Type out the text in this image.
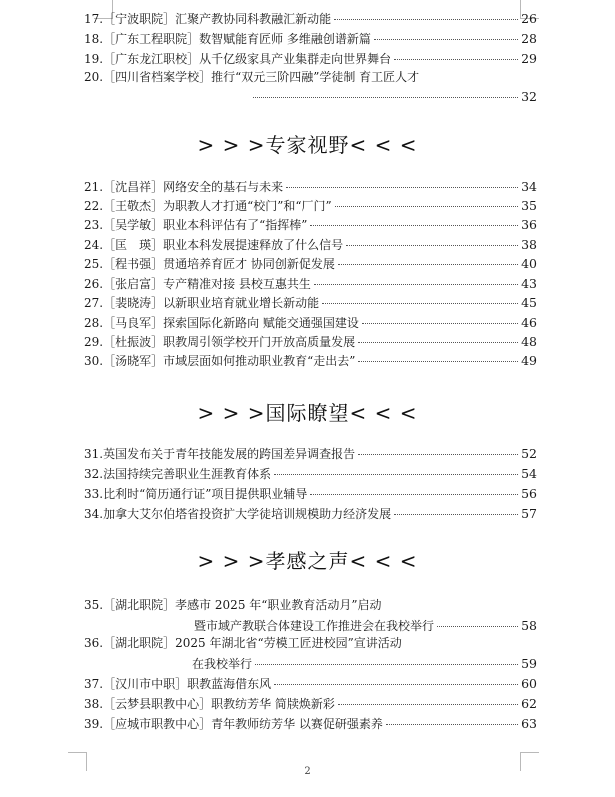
17. ［宁波职院］汇聚产教协同科教融汇新动能	26
18. ［广东工程职院］数智赋能育匠师 多维融创谱新篇	28
19. ［广东龙江职校］从千亿级家具产业集群走向世界舞台	29
20. ［四川省档案学校］推行“双元三阶四融”学徒制 育工匠人才
32
> > >专家视野< < <
21. ［沈昌祥］网络安全的基石与未来	34
22. ［王敬杰］为职教人才打通“校门”和“厂门”	35
23. ［吴学敏］职业本科评估有了“指挥棒”	36
24. ［匡　瑛］职业本科发展提速释放了什么信号	38
25. ［程书强］贯通培养育匠才 协同创新促发展	40
26. ［张启富］专产精准对接 县校互惠共生	43
27. ［裴晓涛］以新职业培育就业增长新动能	45
28. ［马良军］探索国际化新路向 赋能交通强国建设	46
29. ［杜振波］职教周引领学校开门开放高质量发展	48
30. ［汤晓军］市域层面如何推动职业教育“走出去”	49
> > >国际瞭望< < <
31. 英国发布关于青年技能发展的跨国差异调查报告	52
32. 法国持续完善职业生涯教育体系	54
33. 比利时“简历通行证”项目提供职业辅导	56
34. 加拿大艾尔伯塔省投资扩大学徒培训规模助力经济发展	57
> > >孝感之声< < <
35. ［湖北职院］孝感市 2025 年“职业教育活动月”启动
暨市域产教联合体建设工作推进会在我校举行	58
36. ［湖北职院］2025 年湖北省“劳模工匠进校园”宣讲活动
在我校举行	59
37. ［汉川市中职］职教蓝海借东风	60
38. ［云梦县职教中心］职教纺芳华 简牍焕新彩	62
39. ［应城市职教中心］青年教师纺芳华 以赛促研强素养	63
2
